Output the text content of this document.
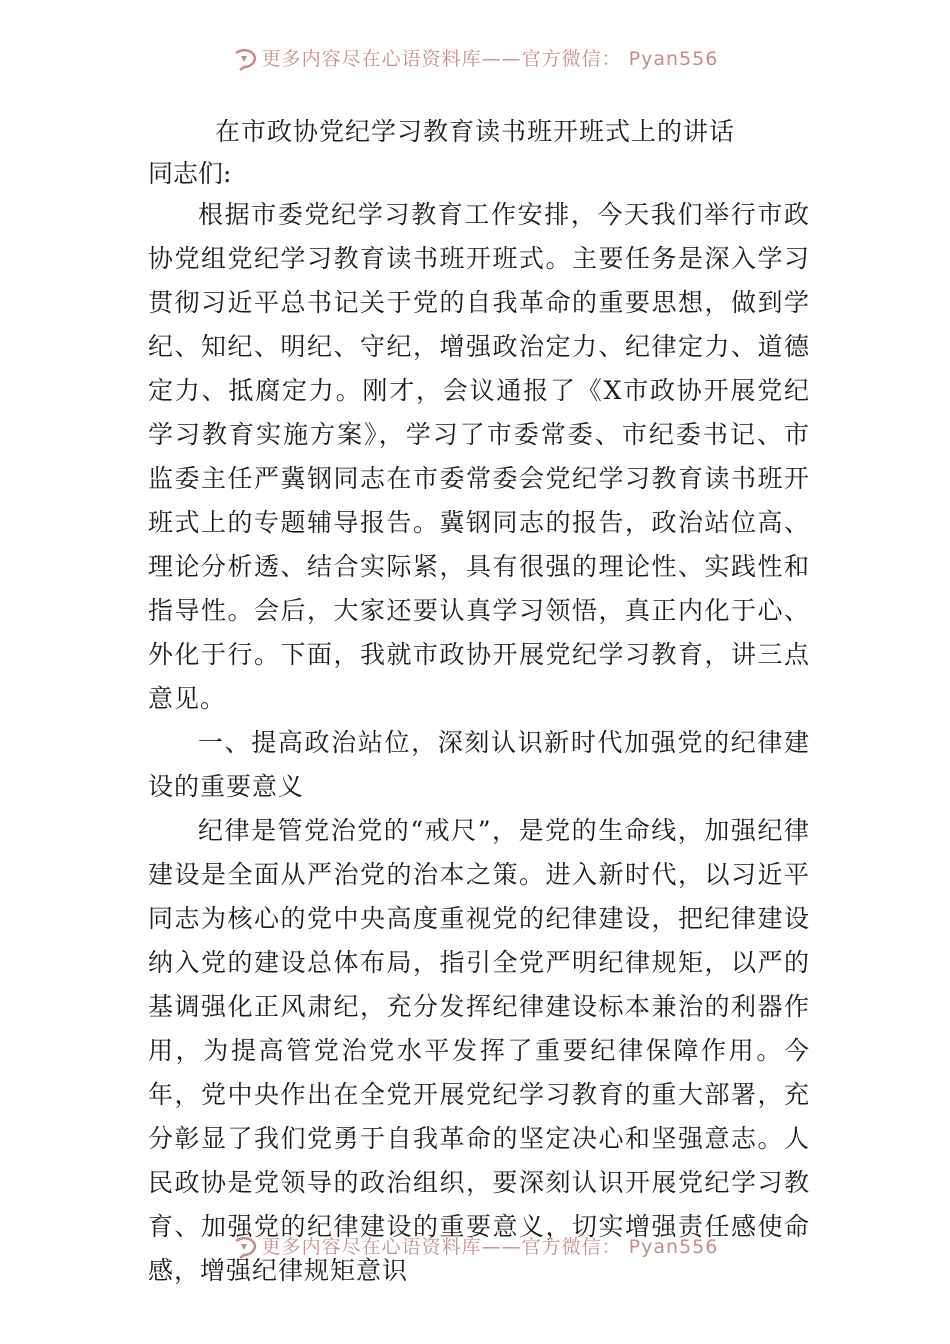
更多内容尽在心语资料库——官方微信： Pyan556
在市政协党纪学习教育读书班开班式上的讲话
同志们:

根据市委党纪学习教育工作安排，今天我们举行市政协党组党纪学习教育读书班开班式。主要任务是深入学习贯彻习近平总书记关于党的自我革命的重要思想，做到学纪、知纪、明纪、守纪，增强政治定力、纪律定力、道德定力、抵腐定力。刚才，会议通报了《X市政协开展党纪学习教育实施方案》，学习了市委常委、市纪委书记、市监委主任严冀钢同志在市委常委会党纪学习教育读书班开班式上的专题辅导报告。冀钢同志的报告，政治站位高、理论分析透、结合实际紧，具有很强的理论性、实践性和指导性。会后，大家还要认真学习领悟，真正内化于心、外化于行。下面，我就市政协开展党纪学习教育，讲三点意见。

一、提高政治站位，深刻认识新时代加强党的纪律建设的重要意义

纪律是管党治党的“戒尺”，是党的生命线，加强纪律建设是全面从严治党的治本之策。进入新时代，以习近平同志为核心的党中央高度重视党的纪律建设，把纪律建设纳入党的建设总体布局，指引全党严明纪律规矩，以严的基调强化正风肃纪，充分发挥纪律建设标本兼治的利器作用，为提高管党治党水平发挥了重要纪律保障作用。今年，党中央作出在全党开展党纪学习教育的重大部署，充分彰显了我们党勇于自我革命的坚定决心和坚强意志。人民政协是党领导的政治组织，要深刻认识开展党纪学习教育、加强党的纪律建设的重要意义，切实增强责任感使命感，增强纪律规矩意识

更多内容尽在心语资料库——官方微信： Pyan556
